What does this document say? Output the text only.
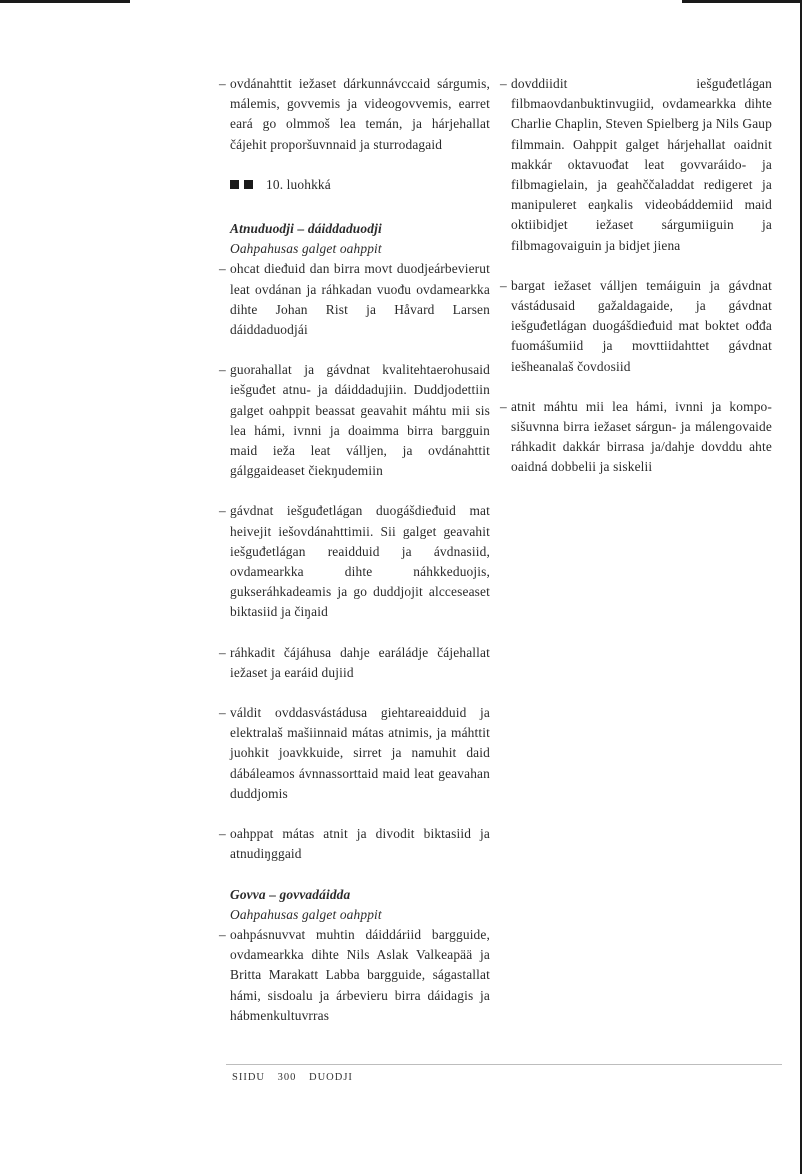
– ovdánahttit iežaset dárkunnávccaid sárgumis, málemis, govvemis ja videogovvemis, earret eará go olmmoš lea temán, ja hárjehallat čájehit proporšuvnnaid ja sturrodagaid
10. luohkká
Atnuduodji – dáiddaduodji
Oahpahusas galget oahppit
– ohcat dieđuid dan birra movt duodjeárbevierut leat ovdánan ja ráhkadan vuođu ovdamearkka dihte Johan Rist ja Håvard Larsen dáiddaduodjái
– guorahallat ja gávdnat kvalitehtaerohusaid iešguđet atnu- ja dáiddadujiin. Duddjodettiin galget oahppit beassat geavahit máhtu mii sis lea hámi, ivnni ja doaimma birra bargguin maid ieža leat válljen, ja ovdánahttit gálggaideaset čiekŋudemiin
– gávdnat iešguđetlágan duogášdieđuid mat heivejit iešovdánahttimii. Sii galget geavahit iešguđetlágan reaidduid ja ávdnasiid, ovdamearkka dihte náhkkeduojis, gukseráhkadeamis ja go duddjojit alcceseaset biktasiid ja čiŋaid
– ráhkadit čájáhusa dahje earáládje čájehallat iežaset ja earáid dujiid
– váldit ovddasvástádusa giehtareaidduid ja elektralaš mašiinnaid mátas atnimis, ja máhttit juohkit joavkkuide, sirret ja namuhit daid dábáleamos ávnnassorttaid maid leat geavahan duddjomis
– oahppat mátas atnit ja divodit biktasiid ja atnudiŋggaid
Govva – govvadáidda
Oahpahusas galget oahppit
– oahpásnuvvat muhtin dáiddáriid bargguide, ovdamearkka dihte Nils Aslak Valkeapää ja Britta Marakatt Labba bargguide, ságastallat hámi, sisdoalu ja árbevieru birra dáidagis ja hábmenkultuvrras
– dovddiidit iešguđetlágan filbmaovdanbuktinvugiid, ovdamearkka dihte Charlie Chaplin, Steven Spielberg ja Nils Gaup filmmain. Oahppit galget hárjehallat oaidnit makkár oktavuođat leat govvaráido- ja filbmagielain, ja geahččaladdat redigeret ja manipuleret eaŋkalis videobáddemiid maid oktiibidjet iežaset sárgumiiguin ja filbmagovaiguin ja bidjet jiena
– bargat iežaset válljen temáiguin ja gávdnat vástádusaid gažaldagaide, ja gávdnat iešguđetlágan duogášdieđuid mat boktet ođđa fuomášumiid ja movttiidahttet gávdnat iešheanalaš čovdosiid
– atnit máhtu mii lea hámi, ivnni ja kompo-sišuvnna birra iežaset sárgun- ja málengovaide ráhkadit dakkár birrasa ja/dahje dovddu ahte oaidná dobbelii ja siskelii
SIIDU 300 DUODJI
